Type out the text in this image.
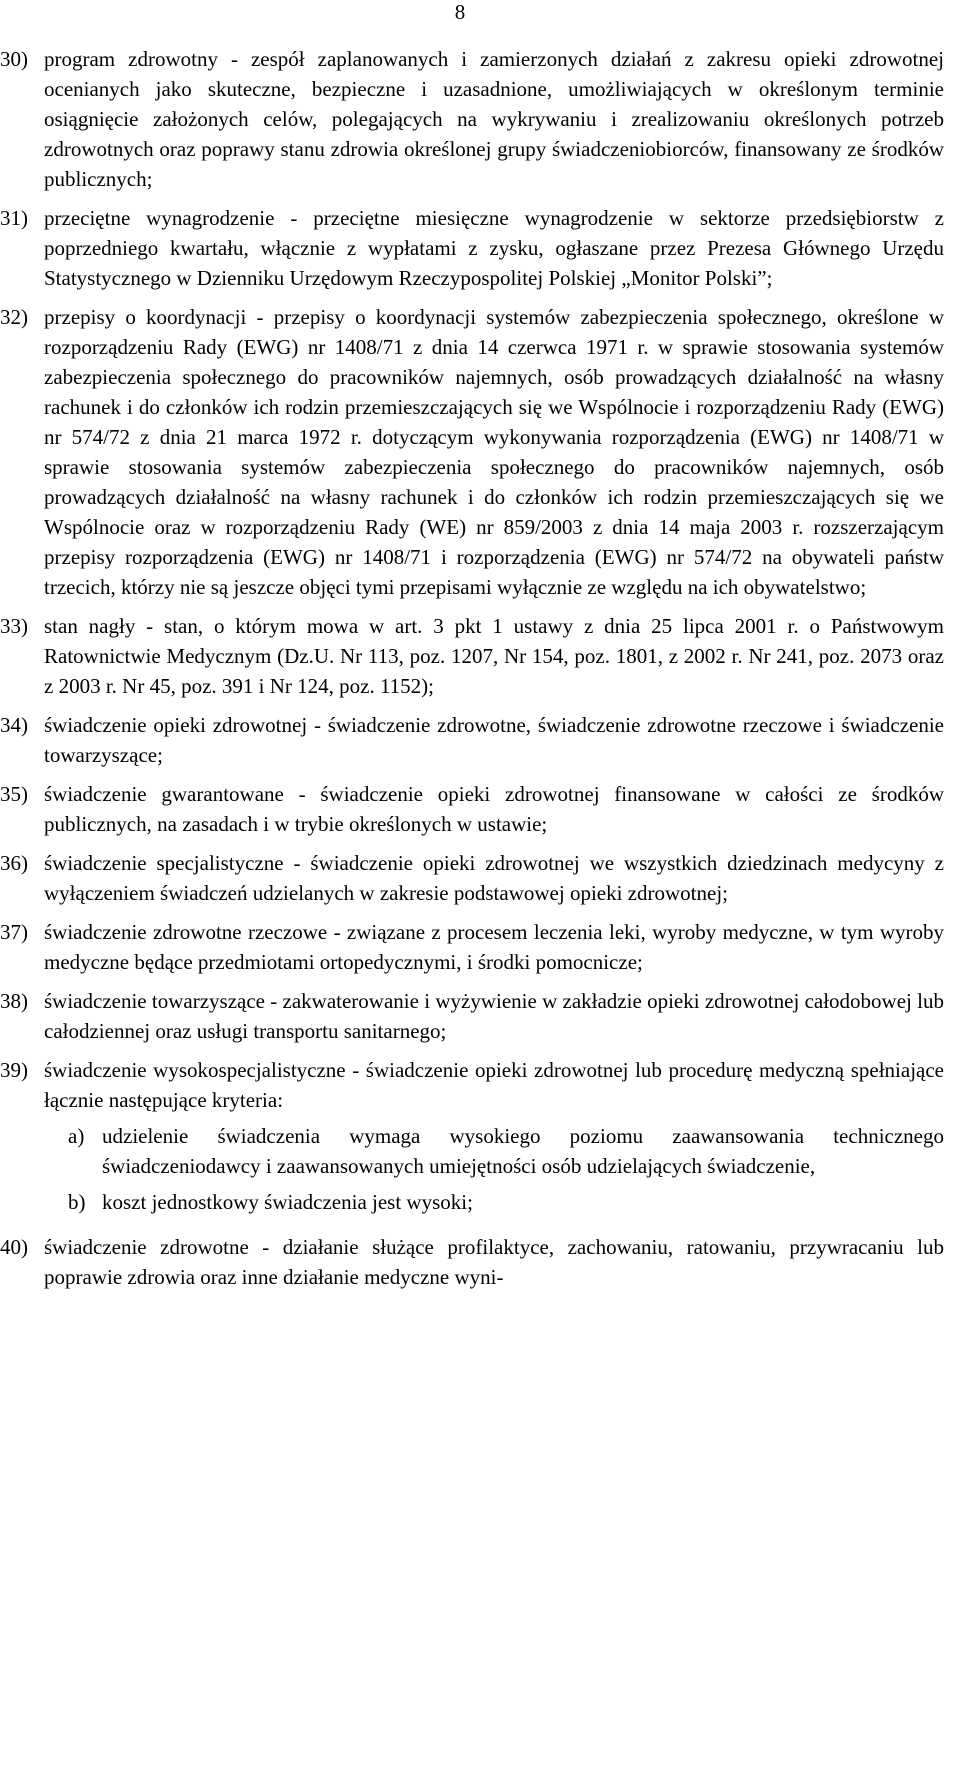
8
30) program zdrowotny - zespół zaplanowanych i zamierzonych działań z zakresu opieki zdrowotnej ocenianych jako skuteczne, bezpieczne i uzasadnione, umożliwiających w określonym terminie osiągnięcie założonych celów, polegających na wykrywaniu i zrealizowaniu określonych potrzeb zdrowotnych oraz poprawy stanu zdrowia określonej grupy świadczeniobiorców, finansowany ze środków publicznych;
31) przeciętne wynagrodzenie - przeciętne miesięczne wynagrodzenie w sektorze przedsiębiorstw z poprzedniego kwartału, włącznie z wypłatami z zysku, ogłaszane przez Prezesa Głównego Urzędu Statystycznego w Dzienniku Urzędowym Rzeczypospolitej Polskiej „Monitor Polski”;
32) przepisy o koordynacji - przepisy o koordynacji systemów zabezpieczenia społecznego, określone w rozporządzeniu Rady (EWG) nr 1408/71 z dnia 14 czerwca 1971 r. w sprawie stosowania systemów zabezpieczenia społecznego do pracowników najemnych, osób prowadzących działalność na własny rachunek i do członków ich rodzin przemieszczających się we Wspólnocie i rozporządzeniu Rady (EWG) nr 574/72 z dnia 21 marca 1972 r. dotyczącym wykonywania rozporządzenia (EWG) nr 1408/71 w sprawie stosowania systemów zabezpieczenia społecznego do pracowników najemnych, osób prowadzących działalność na własny rachunek i do członków ich rodzin przemieszczających się we Wspólnocie oraz w rozporządzeniu Rady (WE) nr 859/2003 z dnia 14 maja 2003 r. rozszerzającym przepisy rozporządzenia (EWG) nr 1408/71 i rozporządzenia (EWG) nr 574/72 na obywateli państw trzecich, którzy nie są jeszcze objęci tymi przepisami wyłącznie ze względu na ich obywatelstwo;
33) stan nagły - stan, o którym mowa w art. 3 pkt 1 ustawy z dnia 25 lipca 2001 r. o Państwowym Ratownictwie Medycznym (Dz.U. Nr 113, poz. 1207, Nr 154, poz. 1801, z 2002 r. Nr 241, poz. 2073 oraz z 2003 r. Nr 45, poz. 391 i Nr 124, poz. 1152);
34) świadczenie opieki zdrowotnej - świadczenie zdrowotne, świadczenie zdrowotne rzeczowe i świadczenie towarzyszące;
35) świadczenie gwarantowane - świadczenie opieki zdrowotnej finansowane w całości ze środków publicznych, na zasadach i w trybie określonych w ustawie;
36) świadczenie specjalistyczne - świadczenie opieki zdrowotnej we wszystkich dziedzinach medycyny z wyłączeniem świadczeń udzielanych w zakresie podstawowej opieki zdrowotnej;
37) świadczenie zdrowotne rzeczowe - związane z procesem leczenia leki, wyroby medyczne, w tym wyroby medyczne będące przedmiotami ortopedycznymi, i środki pomocnicze;
38) świadczenie towarzyszące - zakwaterowanie i wyżywienie w zakładzie opieki zdrowotnej całodobowej lub całodziennej oraz usługi transportu sanitarnego;
39) świadczenie wysokospecjalistyczne - świadczenie opieki zdrowotnej lub procedurę medyczną spełniające łącznie następujące kryteria:
a) udzielenie świadczenia wymaga wysokiego poziomu zaawansowania technicznego świadczeniodawcy i zaawansowanych umiejętności osób udzielających świadczenie,
b) koszt jednostkowy świadczenia jest wysoki;
40) świadczenie zdrowotne - działanie służące profilaktyce, zachowaniu, ratowaniu, przywracaniu lub poprawie zdrowia oraz inne działanie medyczne wyni-
